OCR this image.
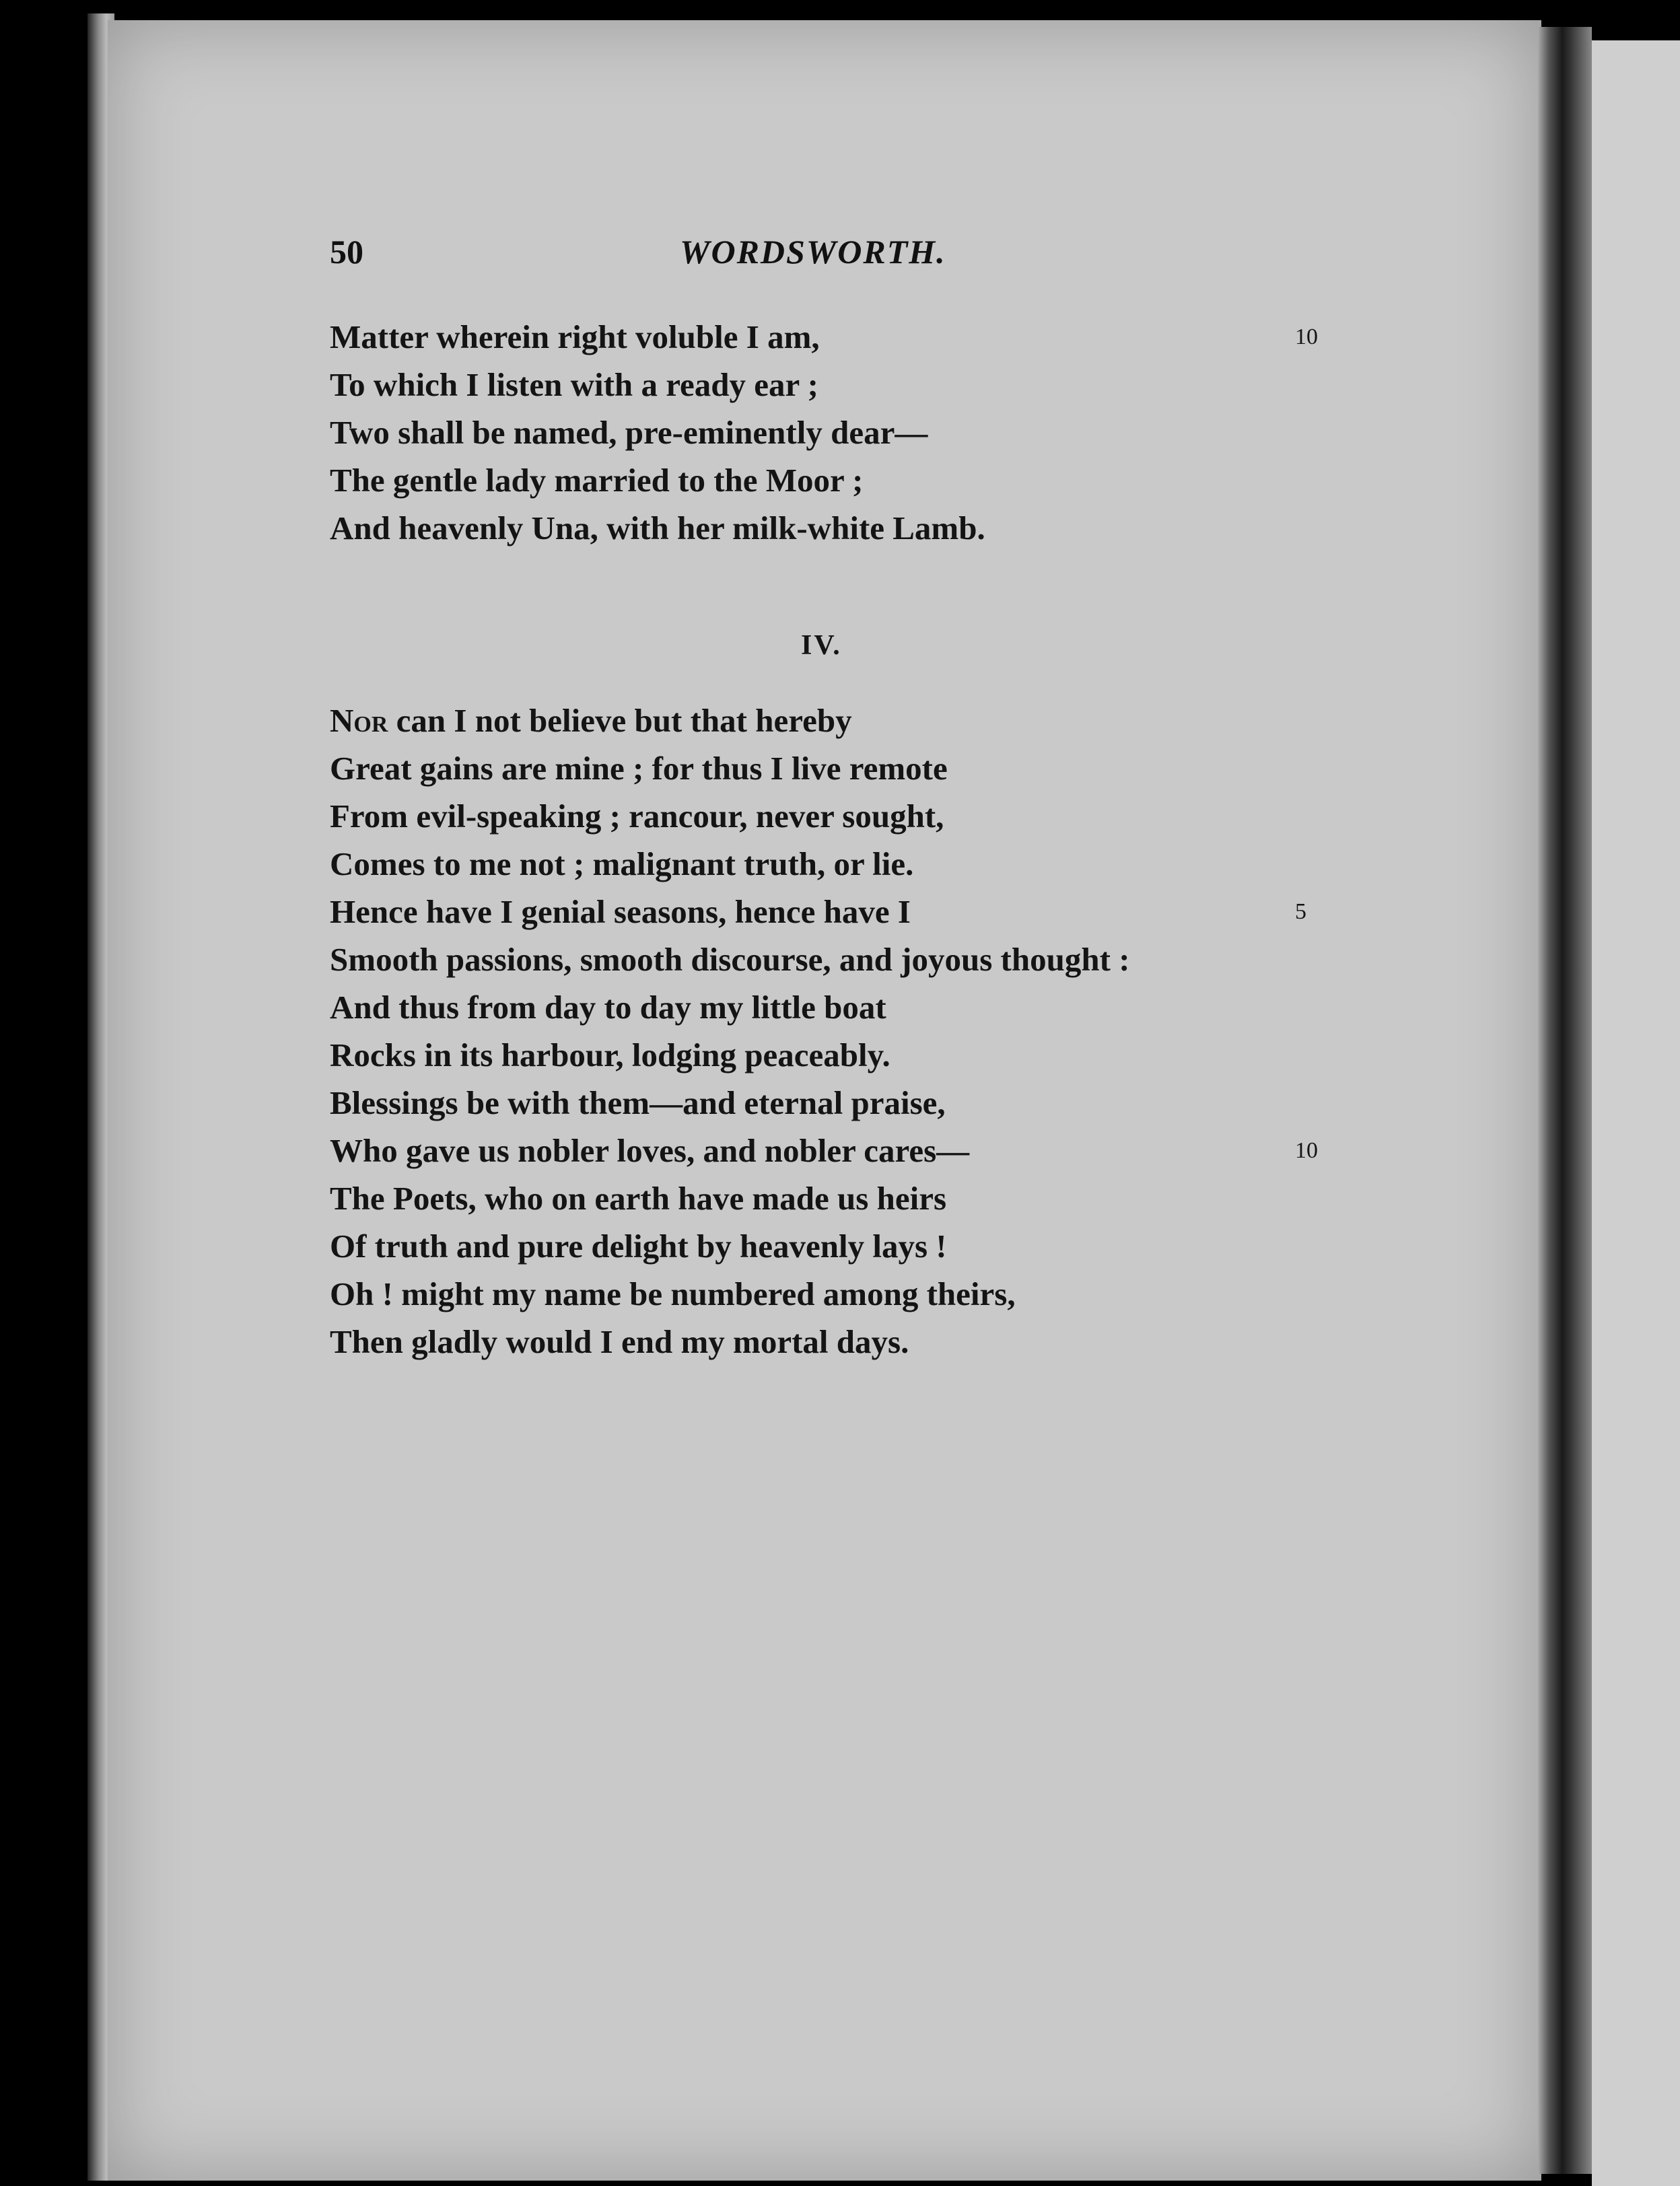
50	WORDSWORTH.
Matter wherein right voluble I am,	10
To which I listen with a ready ear ;
Two shall be named, pre-eminently dear—
The gentle lady married to the Moor ;
And heavenly Una, with her milk-white Lamb.
IV.
Nor can I not believe but that hereby
Great gains are mine ; for thus I live remote
From evil-speaking ; rancour, never sought,
Comes to me not ; malignant truth, or lie.
Hence have I genial seasons, hence have I	5
Smooth passions, smooth discourse, and joyous thought :
And thus from day to day my little boat
Rocks in its harbour, lodging peaceably.
Blessings be with them—and eternal praise,
Who gave us nobler loves, and nobler cares—	10
The Poets, who on earth have made us heirs
Of truth and pure delight by heavenly lays !
Oh ! might my name be numbered among theirs,
Then gladly would I end my mortal days.
